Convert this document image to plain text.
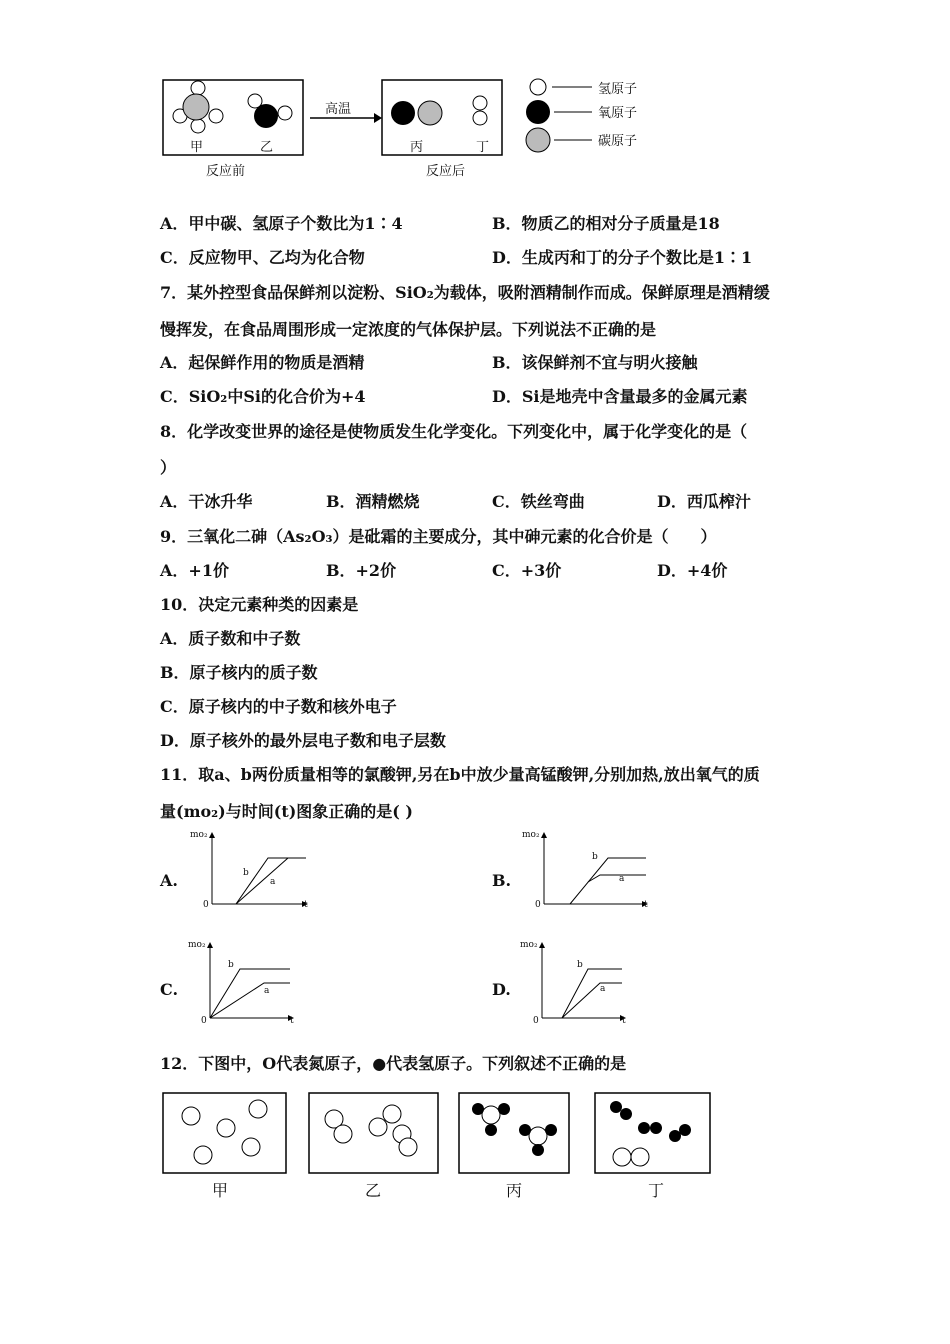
高温
甲	乙	丙	丁
反应前	反应后
氢原子
氧原子
碳原子
A．甲中碳、氢原子个数比为1∶4	B．物质乙的相对分子质量是18
C．反应物甲、乙均为化合物	D．生成丙和丁的分子个数比是1∶1
7．某外控型食品保鲜剂以淀粉、SiO₂为载体，吸附酒精制作而成。保鲜原理是酒精缓
慢挥发，在食品周围形成一定浓度的气体保护层。下列说法不正确的是
A．起保鲜作用的物质是酒精	B．该保鲜剂不宜与明火接触
C．SiO₂中Si的化合价为+4	D．Si是地壳中含量最多的金属元素
8．化学改变世界的途径是使物质发生化学变化。下列变化中，属于化学变化的是（
）
A．干冰升华	B．酒精燃烧	C．铁丝弯曲	D．西瓜榨汁
9．三氧化二砷（As₂O₃）是砒霜的主要成分，其中砷元素的化合价是（　　）
A．+1价	B．+2价	C．+3价	D．+4价
10．决定元素种类的因素是
A．质子数和中子数
B．原子核内的质子数
C．原子核内的中子数和核外电子
D．原子核外的最外层电子数和电子层数
11．取a、b两份质量相等的氯酸钾,另在b中放少量高锰酸钾,分别加热,放出氧气的质
量(mo₂)与时间(t)图象正确的是( )
A.	B.
C.	D.
mo₂
0	t
b
a
mo₂
0	t
b
a
mo₂
0	t
b
a
mo₂
0	t
b
a
12．下图中，O代表氮原子，●代表氢原子。下列叙述不正确的是
甲	乙	丙	丁
